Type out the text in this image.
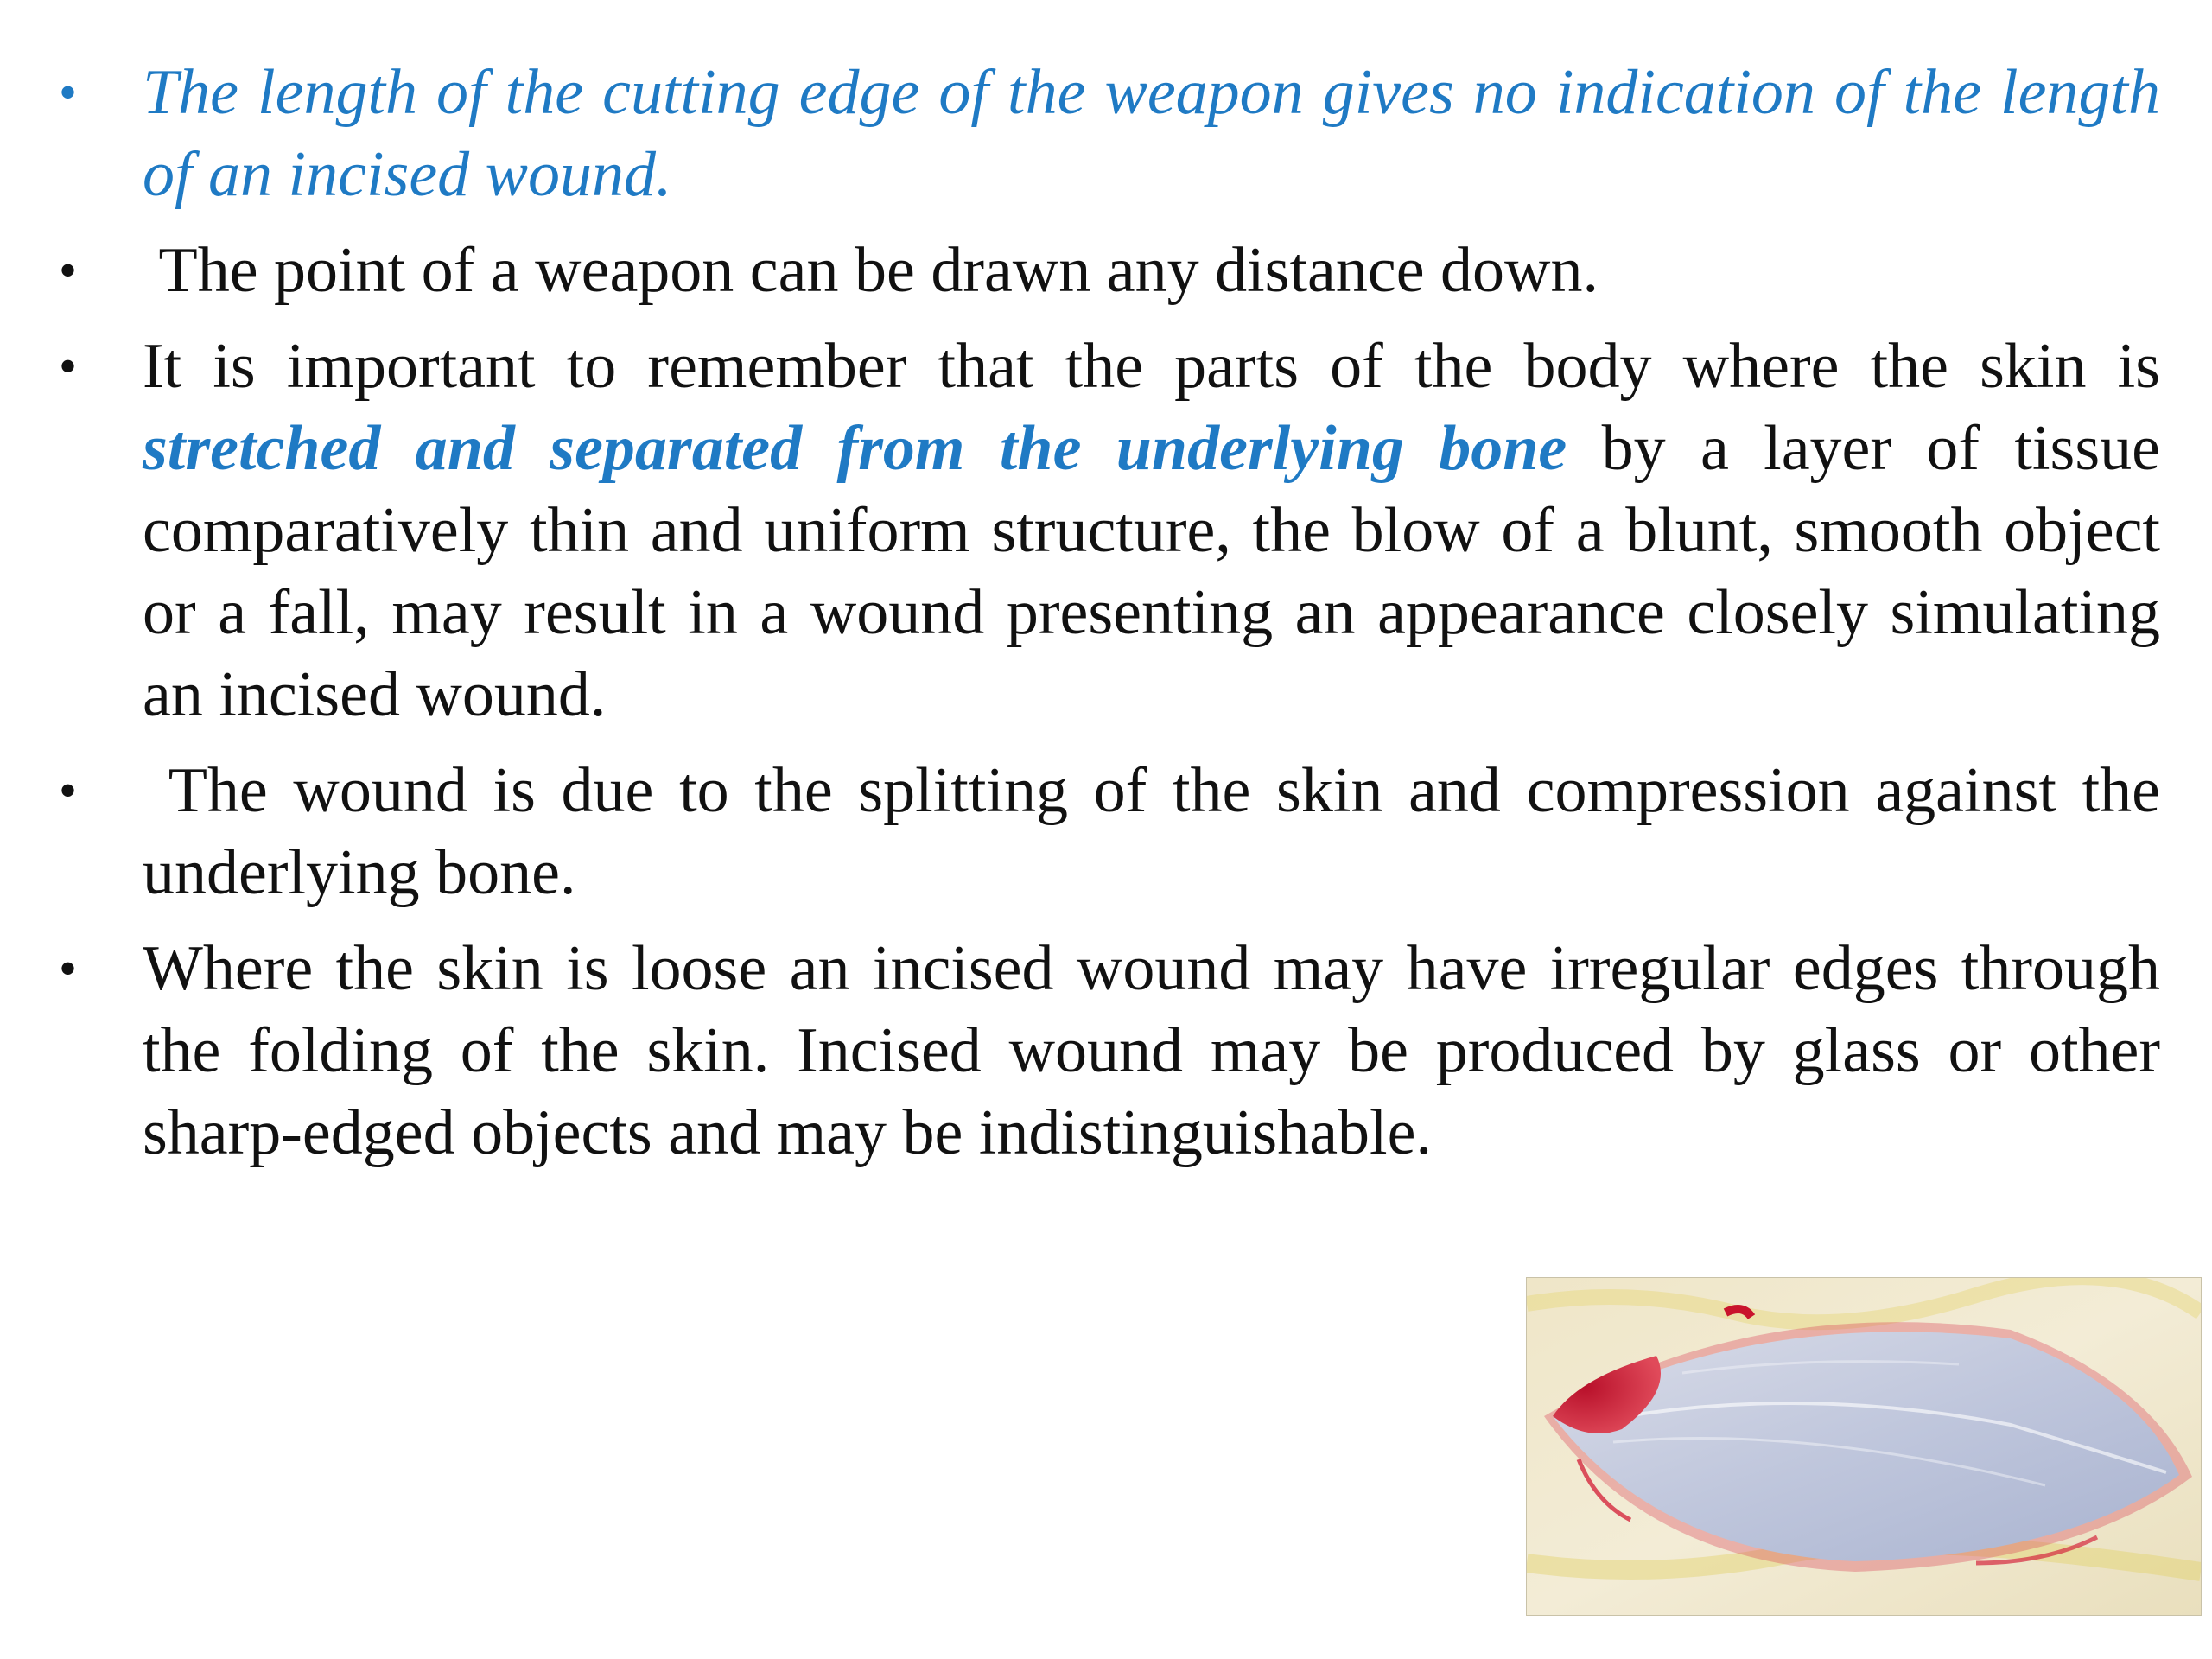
• The length of the cutting edge of the weapon gives no indication of the length of an incised wound.
• The point of a weapon can be drawn any distance down.
• It is important to remember that the parts of the body where the skin is stretched and separated from the underlying bone by a layer of tissue comparatively thin and uniform structure, the blow of a blunt, smooth object or a fall, may result in a wound presenting an appearance closely simulating an incised wound.
• The wound is due to the splitting of the skin and compression against the underlying bone.
• Where the skin is loose an incised wound may have irregular edges through the folding of the skin. Incised wound may be produced by glass or other sharp-edged objects and may be indistinguishable.
